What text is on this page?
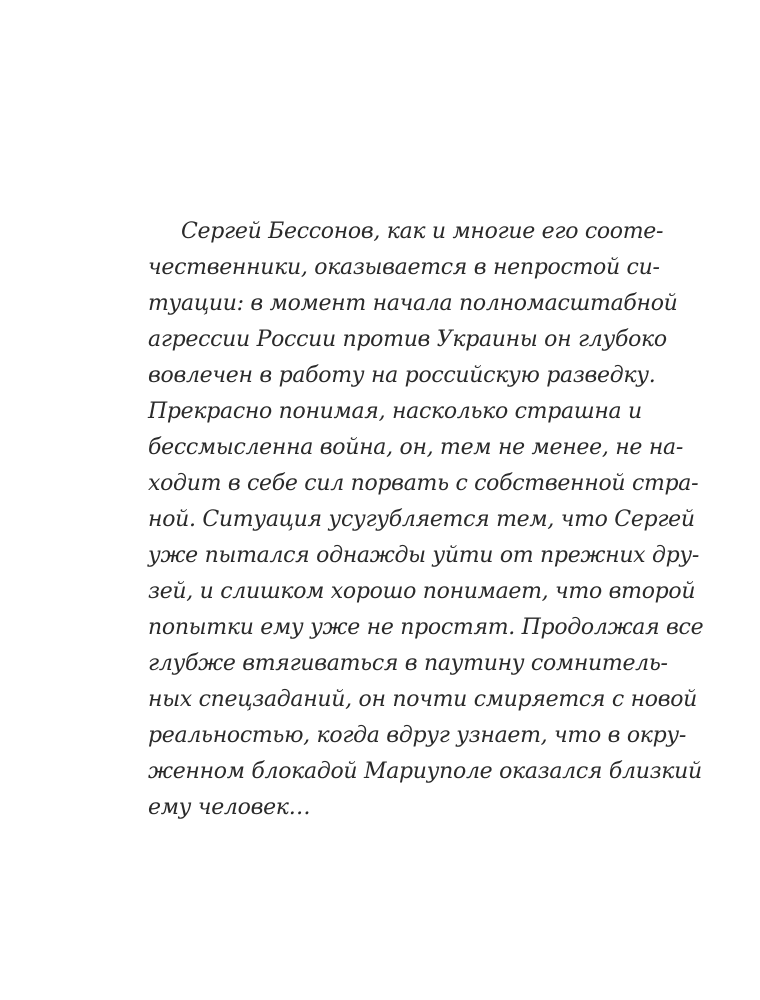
Сергей Бессонов, как и многие его соотe-
чественники, оказывается в непростой си-
туации: в момент начала полномасштабной
агрессии России против Украины он глубоко
вовлечен в работу на российскую разведку.
Прекрасно понимая, насколько страшна и
бессмысленна война, он, тем не менее, не на-
ходит в себе сил порвать с собственной стра-
ной. Ситуация усугубляется тем, что Сергей
уже пытался однажды уйти от прежних дру-
зей, и слишком хорошо понимает, что второй
попытки ему уже не простят. Продолжая все
глубже втягиваться в паутину сомнитель-
ных спецзаданий, он почти смиряется с новой
реальностью, когда вдруг узнает, что в окру-
женном блокадой Мариуполе оказался близкий
ему человек…
